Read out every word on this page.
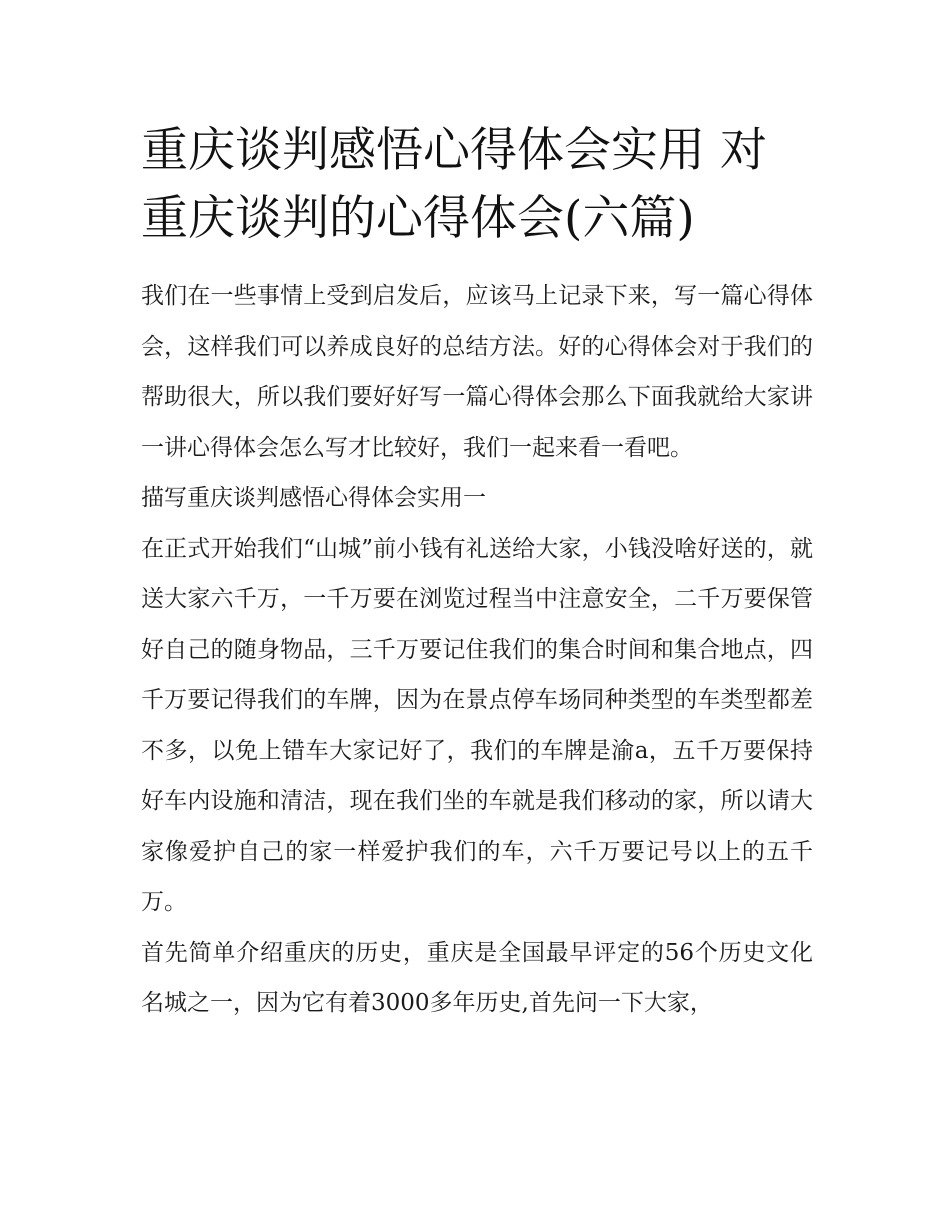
重庆谈判感悟心得体会实用 对重庆谈判的心得体会(六篇)

我们在一些事情上受到启发后，应该马上记录下来，写一篇心得体会，这样我们可以养成良好的总结方法。好的心得体会对于我们的帮助很大，所以我们要好好写一篇心得体会那么下面我就给大家讲一讲心得体会怎么写才比较好，我们一起来看一看吧。

描写重庆谈判感悟心得体会实用一

在正式开始我们“山城”前小钱有礼送给大家，小钱没啥好送的，就送大家六千万，一千万要在浏览过程当中注意安全，二千万要保管好自己的随身物品，三千万要记住我们的集合时间和集合地点，四千万要记得我们的车牌，因为在景点停车场同种类型的车类型都差不多，以免上错车大家记好了，我们的车牌是渝a，五千万要保持好车内设施和清洁，现在我们坐的车就是我们移动的家，所以请大家像爱护自己的家一样爱护我们的车，六千万要记号以上的五千万。

首先简单介绍重庆的历史，重庆是全国最早评定的56个历史文化名城之一，因为它有着3000多年历史,首先问一下大家，
